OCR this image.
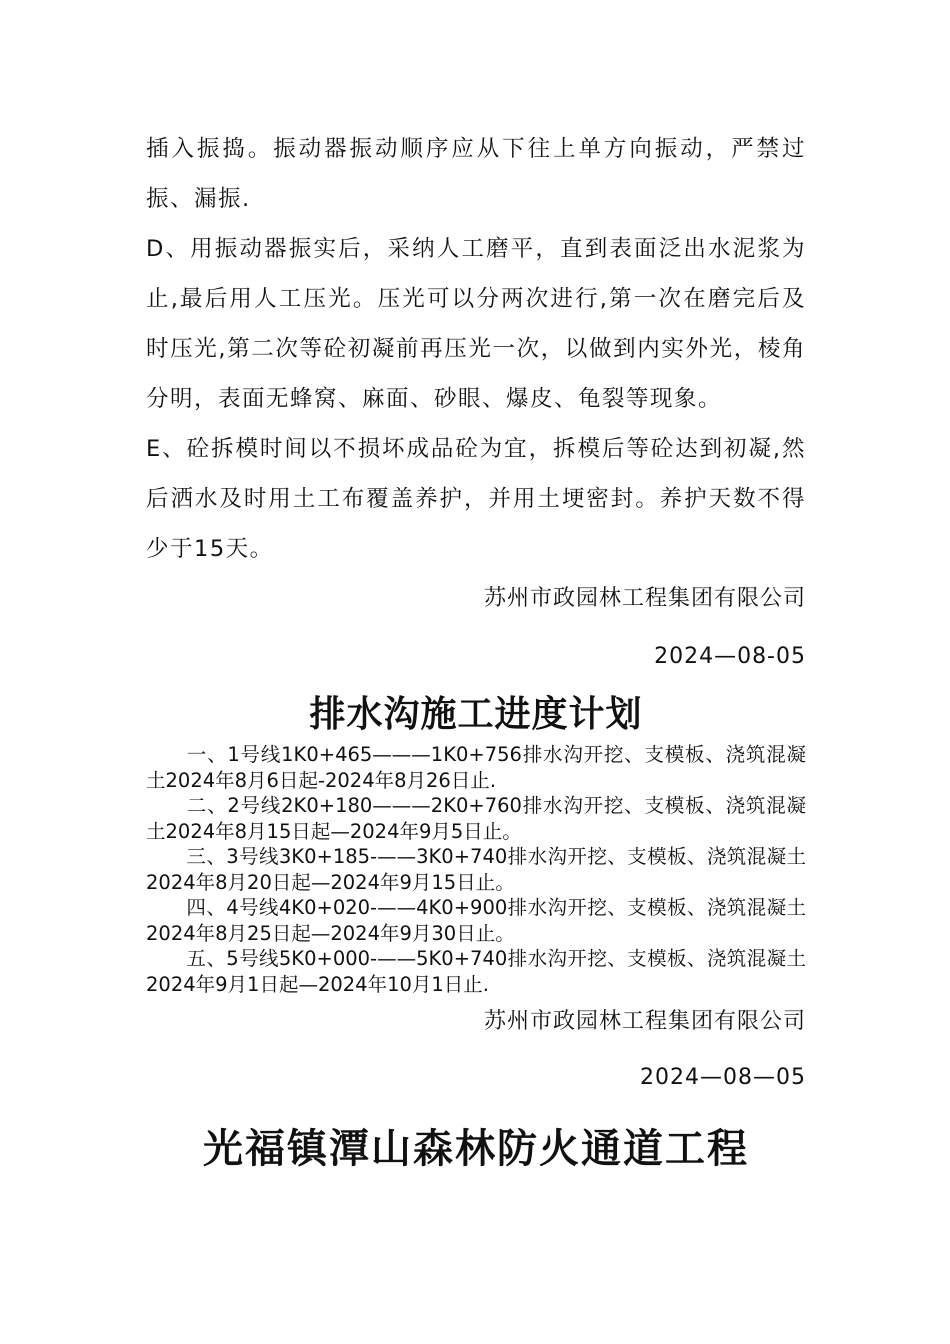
插入振捣。振动器振动顺序应从下往上单方向振动，严禁过振、漏振.

D、用振动器振实后，采纳人工磨平，直到表面泛出水泥浆为止,最后用人工压光。压光可以分两次进行,第一次在磨完后及时压光,第二次等砼初凝前再压光一次，以做到内实外光，棱角分明，表面无蜂窝、麻面、砂眼、爆皮、龟裂等现象。

E、砼拆模时间以不损坏成品砼为宜，拆模后等砼达到初凝,然后洒水及时用土工布覆盖养护，并用土埂密封。养护天数不得少于15天。

苏州市政园林工程集团有限公司

2024—08-05

排水沟施工进度计划

一、1号线1K0+465———1K0+756排水沟开挖、支模板、浇筑混凝土2024年8月6日起-2024年8月26日止.

二、2号线2K0+180———2K0+760排水沟开挖、支模板、浇筑混凝土2024年8月15日起—2024年9月5日止。

三、3号线3K0+185-——3K0+740排水沟开挖、支模板、浇筑混凝土2024年8月20日起—2024年9月15日止。

四、4号线4K0+020-——4K0+900排水沟开挖、支模板、浇筑混凝土2024年8月25日起—2024年9月30日止。

五、5号线5K0+000-——5K0+740排水沟开挖、支模板、浇筑混凝土2024年9月1日起—2024年10月1日止.

苏州市政园林工程集团有限公司

2024—08—05

光福镇潭山森林防火通道工程
